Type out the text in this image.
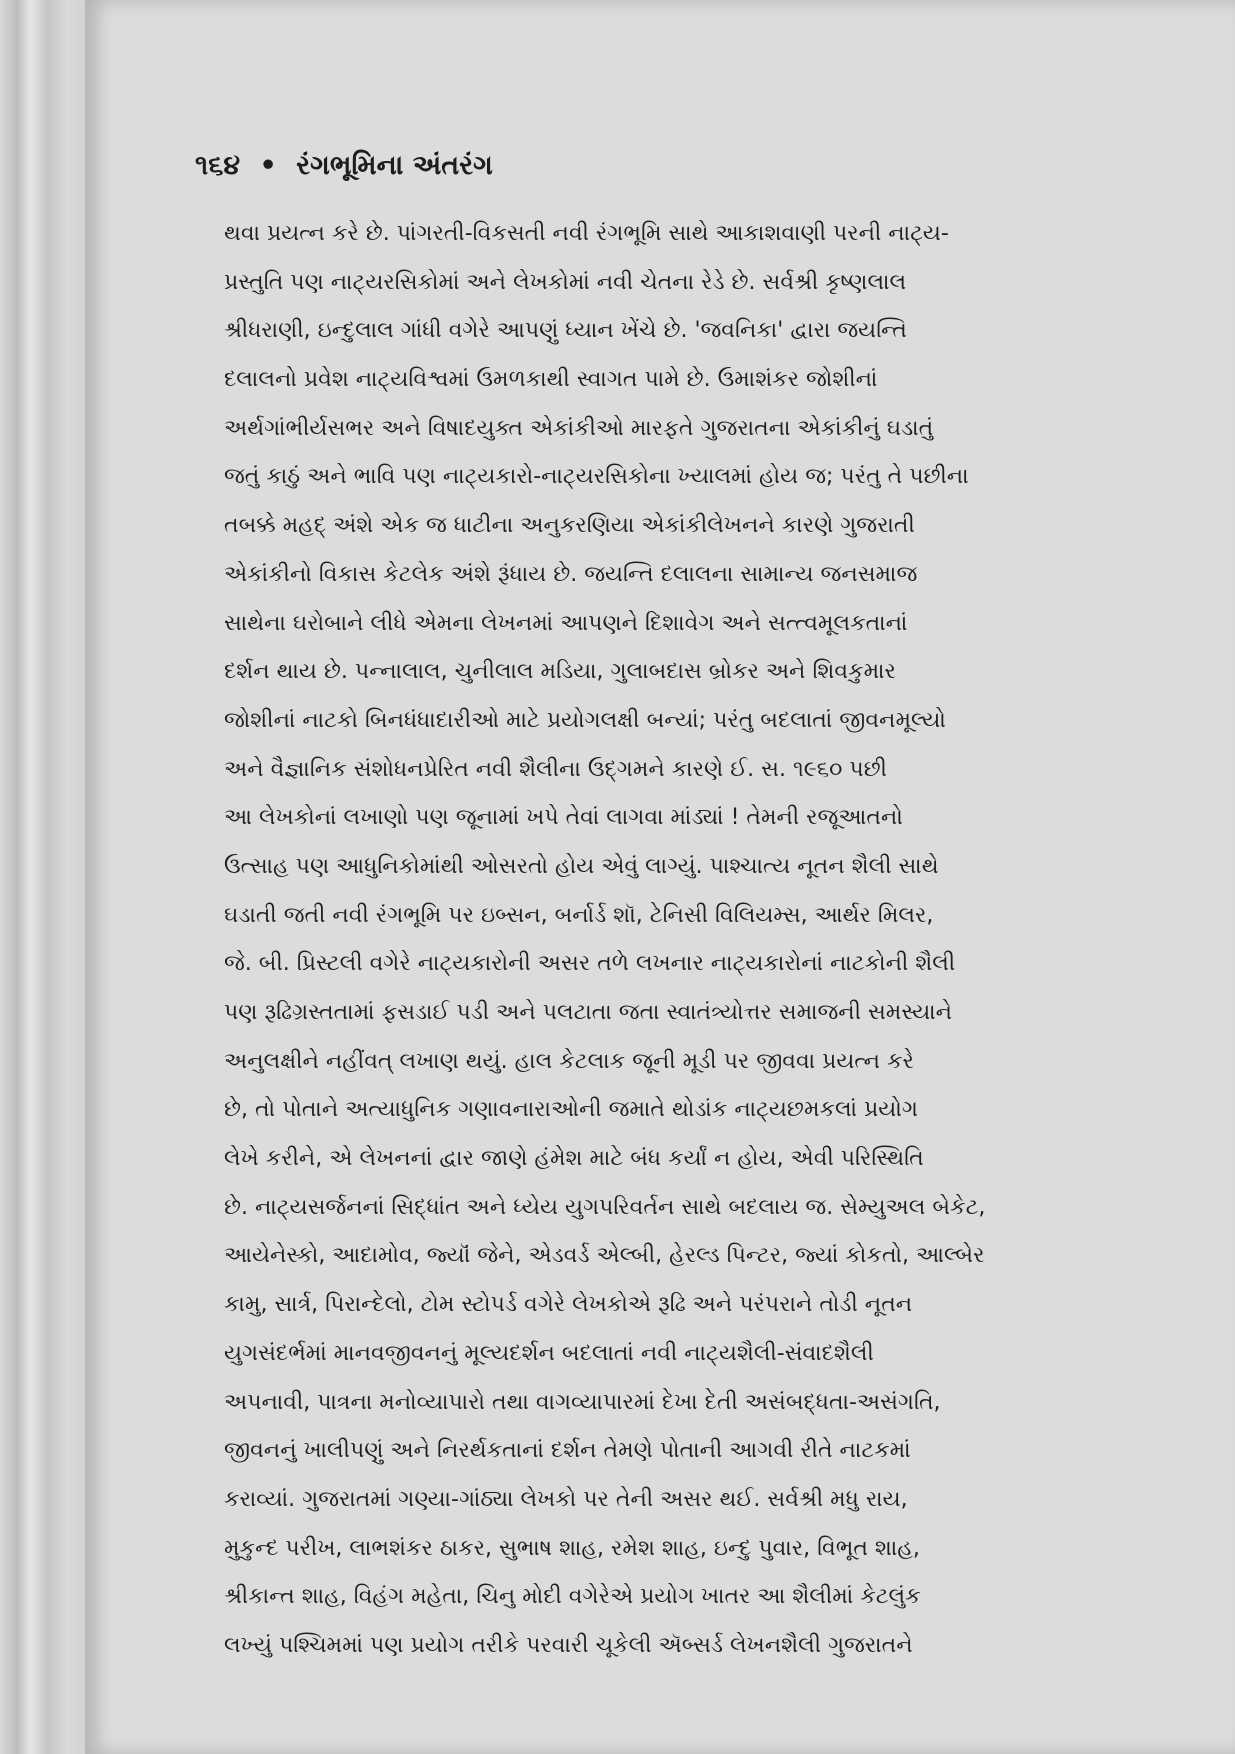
૧૬૪ • રંગભૂમિના અંતરંગ
થવા પ્રયત્ન કરે છે. પાંગરતી-વિકસતી નવી રંગભૂમિ સાથે આકાશવાણી પરની નાટ્ય-
પ્રસ્તુતિ પણ નાટ્યરસિકોમાં અને લેખકોમાં નવી ચેતના રેડે છે. સર્વશ્રી કૃષ્ણલાલ
શ્રીધરાણી, ઇન્દુલાલ ગાંધી વગેરે આપણું ધ્યાન ખેંચે છે. 'જવનિકા' દ્વારા જયન્તિ
દલાલનો પ્રવેશ નાટ્યવિશ્વમાં ઉમળકાથી સ્વાગત પામે છે. ઉમાશંકર જોશીનાં
અર્થગાંભીર્યસભર અને વિષાદયુક્ત એકાંકીઓ મારફતે ગુજરાતના એકાંકીનું ઘડાતું
જતું કાઠું અને ભાવિ પણ નાટ્યકારો-નાટ્યરસિકોના ખ્યાલમાં હોય જ; પરંતુ તે પછીના
તબક્કે મહદ્ અંશે એક જ ધાટીના અનુકરણિયા એકાંકીલેખનને કારણે ગુજરાતી
એકાંકીનો વિકાસ કેટલેક અંશે રૂંધાય છે. જયન્તિ દલાલના સામાન્ય જનસમાજ
સાથેના ઘરોબાને લીધે એમના લેખનમાં આપણને દિશાવેગ અને સત્ત્વમૂલકતાનાં
દર્શન થાય છે. પન્નાલાલ, ચુનીલાલ મડિયા, ગુલાબદાસ બ્રોકર અને શિવકુમાર
જોશીનાં નાટકો બિનધંધાદારીઓ માટે પ્રયોગલક્ષી બન્યાં; પરંતુ બદલાતાં જીવનમૂલ્યો
અને વૈજ્ઞાનિક સંશોધનપ્રેરિત નવી શૈલીના ઉદ્ગમને કારણે ઈ. સ. ૧૯૬૦ પછી
આ લેખકોનાં લખાણો પણ જૂનામાં ખપે તેવાં લાગવા માંડ્યાં ! તેમની રજૂઆતનો
ઉત્સાહ પણ આધુનિકોમાંથી ઓસરતો હોય એવું લાગ્યું. પાશ્ચાત્ય નૂતન શૈલી સાથે
ઘડાતી જતી નવી રંગભૂમિ પર ઇબ્સન, બર્નાર્ડ શૉ, ટેનિસી વિલિયમ્સ, આર્થર મિલર,
જે. બી. પ્રિસ્ટલી વગેરે નાટ્યકારોની અસર તળે લખનાર નાટ્યકારોનાં નાટકોની શૈલી
પણ રૂઢિગ્રસ્તતામાં ફસડાઈ પડી અને પલટાતા જતા સ્વાતંત્ર્યોત્તર સમાજની સમસ્યાને
અનુલક્ષીને નહીંવત્ લખાણ થયું. હાલ કેટલાક જૂની મૂડી પર જીવવા પ્રયત્ન કરે
છે, તો પોતાને અત્યાધુનિક ગણાવનારાઓની જમાતે થોડાંક નાટ્યછમકલાં પ્રયોગ
લેખે કરીને, એ લેખનનાં દ્વાર જાણે હંમેશ માટે બંધ કર્યાં ન હોય, એવી પરિસ્થિતિ
છે. નાટ્યસર્જનનાં સિદ્ધાંત અને ધ્યેય યુગપરિવર્તન સાથે બદલાય જ. સેમ્યુઅલ બેકેટ,
આયેનેસ્કો, આદામોવ, જ્યૉં જેને, એડવર્ડ એલ્બી, હેરલ્ડ પિન્ટર, જ્યાં કોકતો, આલ્બેર
કામુ, સાર્ત્ર, પિરાન્દેલો, ટોમ સ્ટોપર્ડ વગેરે લેખકોએ રૂઢિ અને પરંપરાને તોડી નૂતન
યુગસંદર્ભમાં માનવજીવનનું મૂલ્યદર્શન બદલાતાં નવી નાટ્યશૈલી-સંવાદશૈલી
અપનાવી, પાત્રના મનોવ્યાપારો તથા વાગવ્યાપારમાં દેખા દેતી અસંબદ્ધતા-અસંગતિ,
જીવનનું ખાલીપણું અને નિરર્થકતાનાં દર્શન તેમણે પોતાની આગવી રીતે નાટકમાં
કરાવ્યાં. ગુજરાતમાં ગણ્યા-ગાંઠ્યા લેખકો પર તેની અસર થઈ. સર્વશ્રી મધુ રાય,
મુકુન્દ પરીખ, લાભશંકર ઠાકર, સુભાષ શાહ, રમેશ શાહ, ઇન્દુ પુવાર, વિભૂત શાહ,
શ્રીકાન્ત શાહ, વિહંગ મહેતા, ચિનુ મોદી વગેરેએ પ્રયોગ ખાતર આ શૈલીમાં કેટલુંક
લખ્યું પશ્ચિમમાં પણ પ્રયોગ તરીકે પરવારી ચૂકેલી ઍબ્સર્ડ લેખનશૈલી ગુજરાતને
